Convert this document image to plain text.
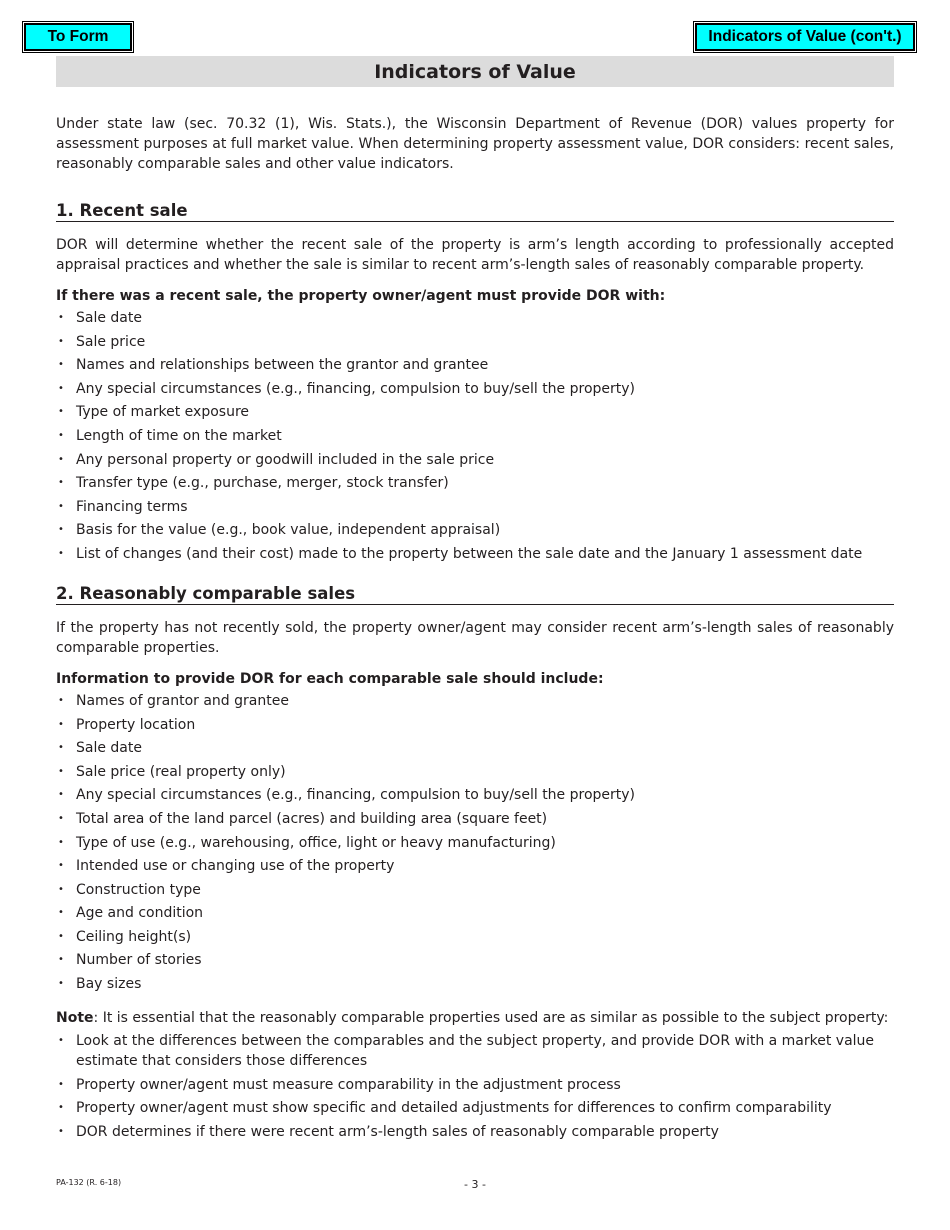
To Form	Indicators of Value (con't.)
Indicators of Value

Under state law (sec. 70.32 (1), Wis. Stats.), the Wisconsin Department of Revenue (DOR) values property for assessment purposes at full market value. When determining property assessment value, DOR considers: recent sales, reasonably comparable sales and other value indicators.

1. Recent sale

DOR will determine whether the recent sale of the property is arm’s length according to professionally accepted appraisal practices and whether the sale is similar to recent arm’s-length sales of reasonably comparable property.

If there was a recent sale, the property owner/agent must provide DOR with:

• Sale date
• Sale price
• Names and relationships between the grantor and grantee
• Any special circumstances (e.g., financing, compulsion to buy/sell the property)
• Type of market exposure
• Length of time on the market
• Any personal property or goodwill included in the sale price
• Transfer type (e.g., purchase, merger, stock transfer)
• Financing terms
• Basis for the value (e.g., book value, independent appraisal)
• List of changes (and their cost) made to the property between the sale date and the January 1 assessment date
2. Reasonably comparable sales

If the property has not recently sold, the property owner/agent may consider recent arm’s-length sales of reasonably comparable properties.

Information to provide DOR for each comparable sale should include:

• Names of grantor and grantee
• Property location
• Sale date
• Sale price (real property only)
• Any special circumstances (e.g., financing, compulsion to buy/sell the property)
• Total area of the land parcel (acres) and building area (square feet)
• Type of use (e.g., warehousing, office, light or heavy manufacturing)
• Intended use or changing use of the property
• Construction type
• Age and condition
• Ceiling height(s)
• Number of stories
• Bay sizes

Note: It is essential that the reasonably comparable properties used are as similar as possible to the subject property:

• Look at the differences between the comparables and the subject property, and provide DOR with a market value estimate that considers those differences
• Property owner/agent must measure comparability in the adjustment process
• Property owner/agent must show specific and detailed adjustments for differences to confirm comparability
• DOR determines if there were recent arm’s-length sales of reasonably comparable property
PA-132 (R. 6-18)	- 3 -
